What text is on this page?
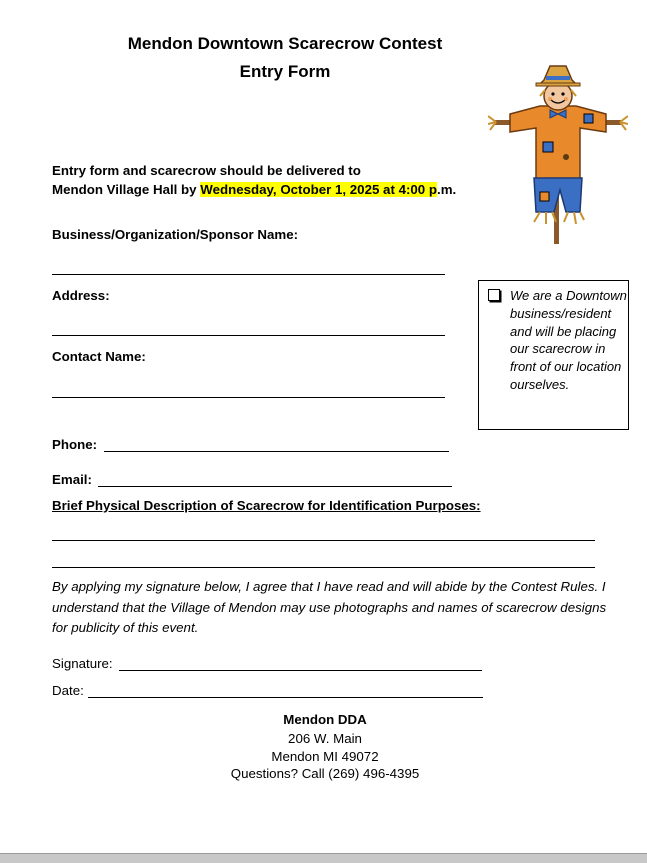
Mendon Downtown Scarecrow Contest
Entry Form
Entry form and scarecrow should be delivered to
Mendon Village Hall by Wednesday, October 1, 2025 at 4:00 p.m.
Business/Organization/Sponsor Name:
Address:
Contact Name:
We are a Downtown business/resident and will be placing our scarecrow in front of our location ourselves.
Phone:
Email:
Brief Physical Description of Scarecrow for Identification Purposes:
By applying my signature below, I agree that I have read and will abide by the Contest Rules. I understand that the Village of Mendon may use photographs and names of scarecrow designs for publicity of this event.
Signature:
Date:
Mendon DDA
206 W. Main
Mendon MI 49072
Questions? Call (269) 496-4395
